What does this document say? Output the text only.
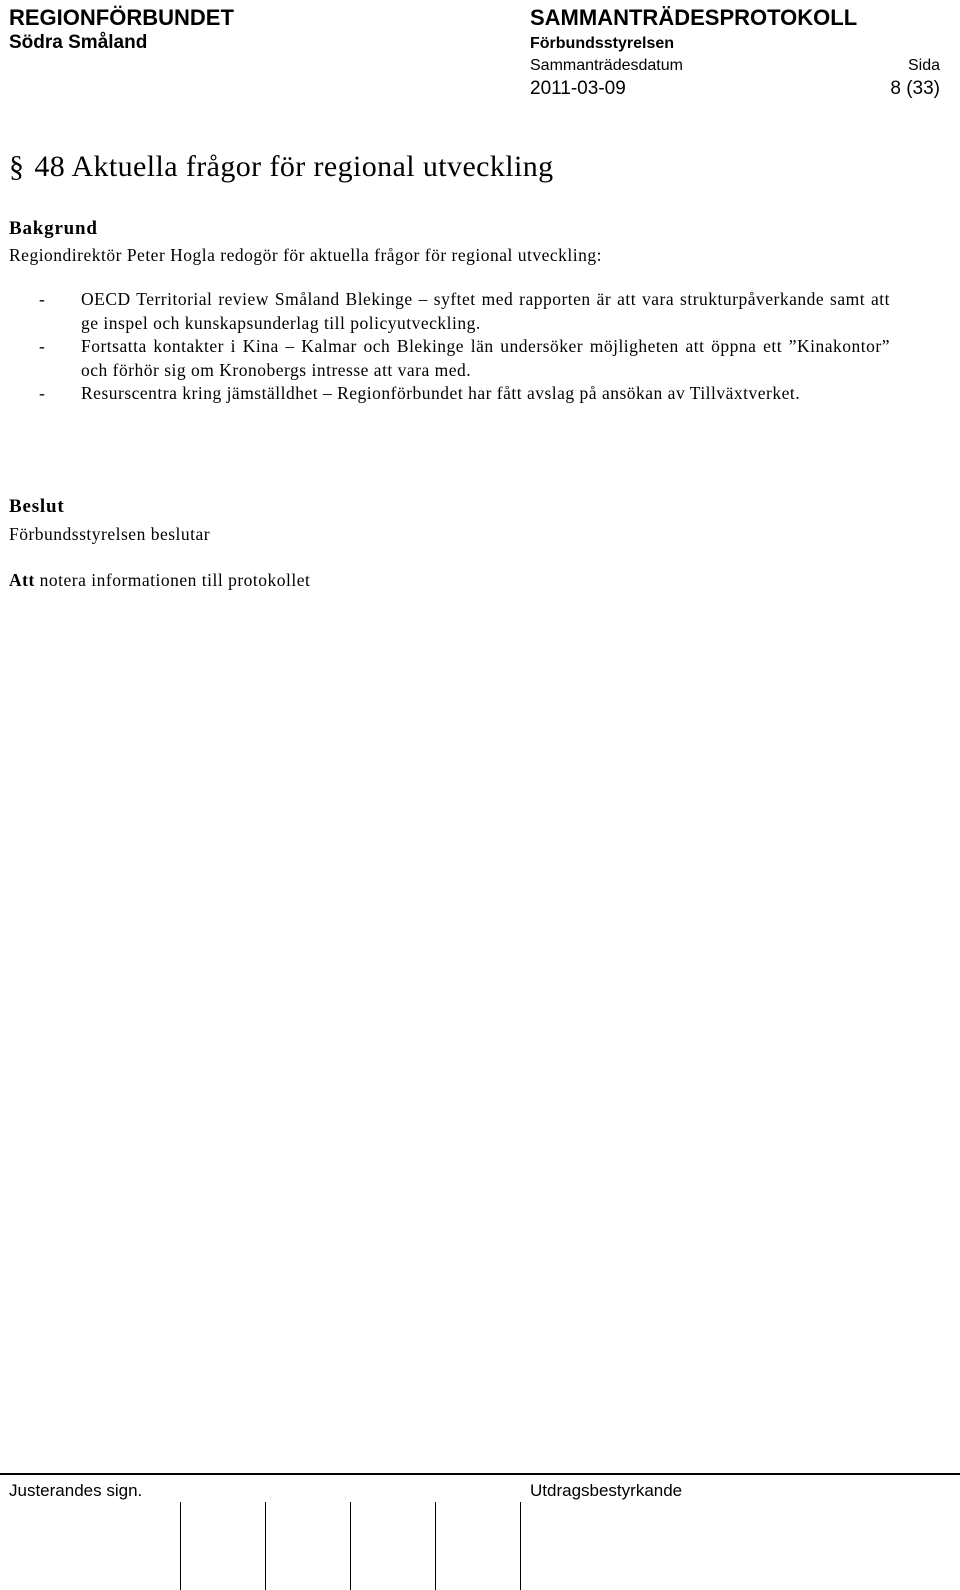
REGIONFÖRBUNDET
Södra Småland
SAMMANTRÄDESPROTOKOLL
Förbundsstyrelsen
Sammanträdesdatum	Sida
2011-03-09	8 (33)
§ 48 Aktuella frågor för regional utveckling
Bakgrund
Regiondirektör Peter Hogla redogör för aktuella frågor för regional utveckling:
- OECD Territorial review Småland Blekinge – syftet med rapporten är att vara strukturpåverkande samt att ge inspel och kunskapsunderlag till policyutveckling.
- Fortsatta kontakter i Kina – Kalmar och Blekinge län undersöker möjligheten att öppna ett ”Kinakontor” och förhör sig om Kronobergs intresse att vara med.
- Resurscentra kring jämställdhet – Regionförbundet har fått avslag på ansökan av Tillväxtverket.
Beslut
Förbundsstyrelsen beslutar
Att notera informationen till protokollet
Justerandes sign.	Utdragsbestyrkande
